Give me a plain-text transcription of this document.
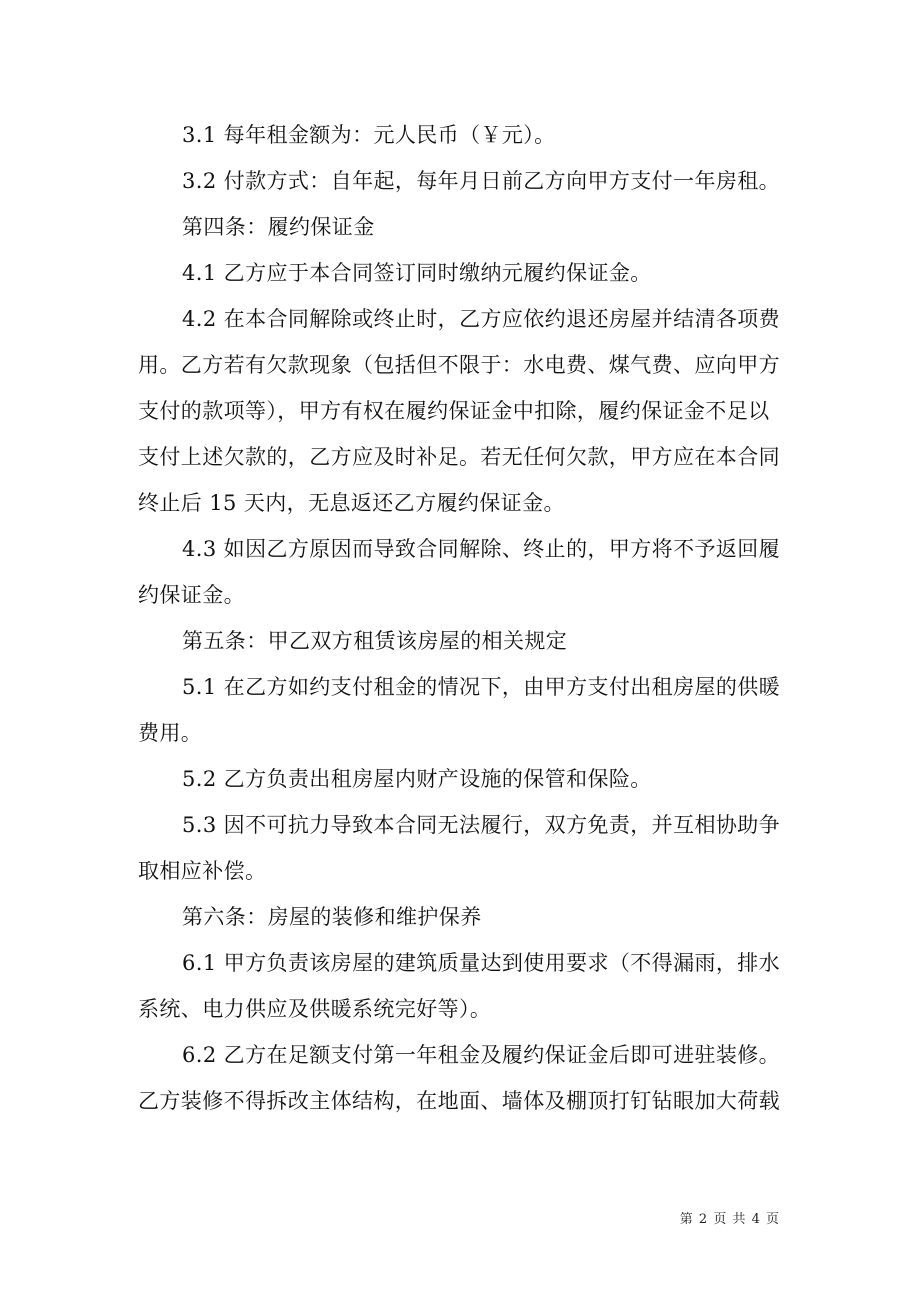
3.1 每年租金额为：元人民币（￥元）。
3.2 付款方式：自年起，每年月日前乙方向甲方支付一年房租。
第四条：履约保证金
4.1 乙方应于本合同签订同时缴纳元履约保证金。
4.2 在本合同解除或终止时，乙方应依约退还房屋并结清各项费
用。乙方若有欠款现象（包括但不限于：水电费、煤气费、应向甲方
支付的款项等），甲方有权在履约保证金中扣除，履约保证金不足以
支付上述欠款的，乙方应及时补足。若无任何欠款，甲方应在本合同
终止后 15 天内，无息返还乙方履约保证金。
4.3 如因乙方原因而导致合同解除、终止的，甲方将不予返回履
约保证金。
第五条：甲乙双方租赁该房屋的相关规定
5.1 在乙方如约支付租金的情况下，由甲方支付出租房屋的供暖
费用。
5.2 乙方负责出租房屋内财产设施的保管和保险。
5.3 因不可抗力导致本合同无法履行，双方免责，并互相协助争
取相应补偿。
第六条：房屋的装修和维护保养
6.1 甲方负责该房屋的建筑质量达到使用要求（不得漏雨，排水
系统、电力供应及供暖系统完好等）。
6.2 乙方在足额支付第一年租金及履约保证金后即可进驻装修。
乙方装修不得拆改主体结构，在地面、墙体及棚顶打钉钻眼加大荷载
第 2 页 共 4 页
